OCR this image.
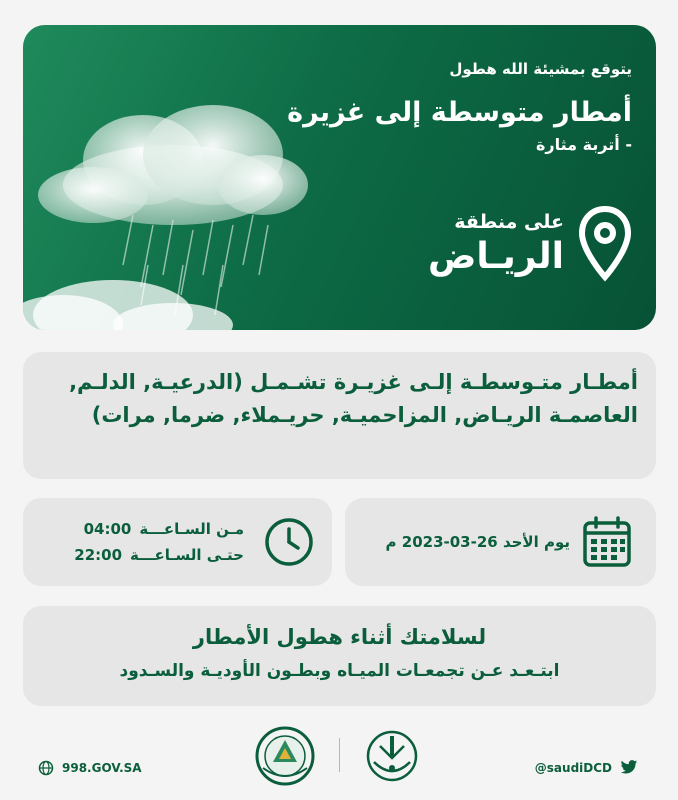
يتوقع بمشيئة الله هطول
أمطار متوسطة إلى غزيرة
- أتربة مثارة
على منطقة
الريـاض
أمطـار متـوسطـة إلـى غزيـرة تشـمـل (الدرعيـة, الدلـم, العاصمـة الريـاض, المزاحميـة, حريـملاء, ضرما, مرات)
يوم الأحد 26-03-2023 م
مـن السـاعـــة04:00
حتـى السـاعـــة22:00
لسلامتك أثناء هطول الأمطار
ابتـعـد عـن تجمعـات الميـاه وبطـون الأوديـة والسـدود
998.GOV.SA	@saudiDCD
